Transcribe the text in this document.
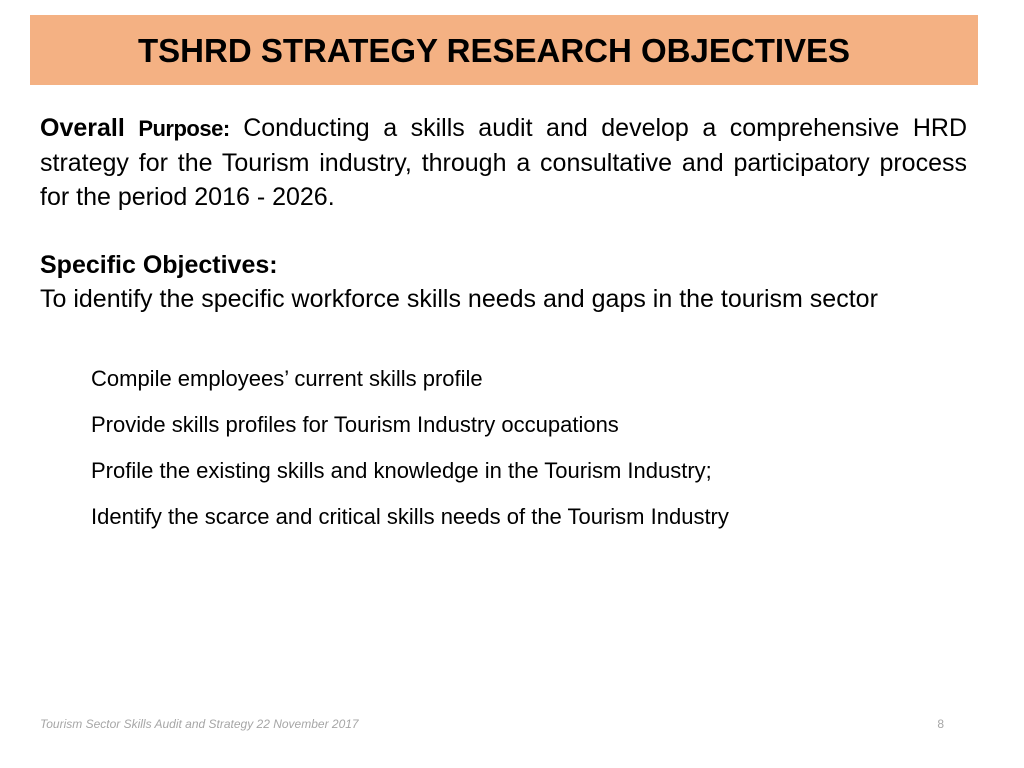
TSHRD STRATEGY RESEARCH OBJECTIVES
Overall Purpose: Conducting a skills audit and develop a comprehensive HRD strategy for the Tourism industry, through a consultative and participatory process for the period 2016 - 2026.
Specific Objectives:
To identify the specific workforce skills needs and gaps in the tourism sector
Compile employees’ current skills profile
Provide skills profiles for Tourism Industry occupations
Profile the existing skills and knowledge in the Tourism Industry;
Identify the scarce and critical skills needs of the Tourism Industry
Tourism Sector Skills Audit and Strategy 22 November 2017	8
